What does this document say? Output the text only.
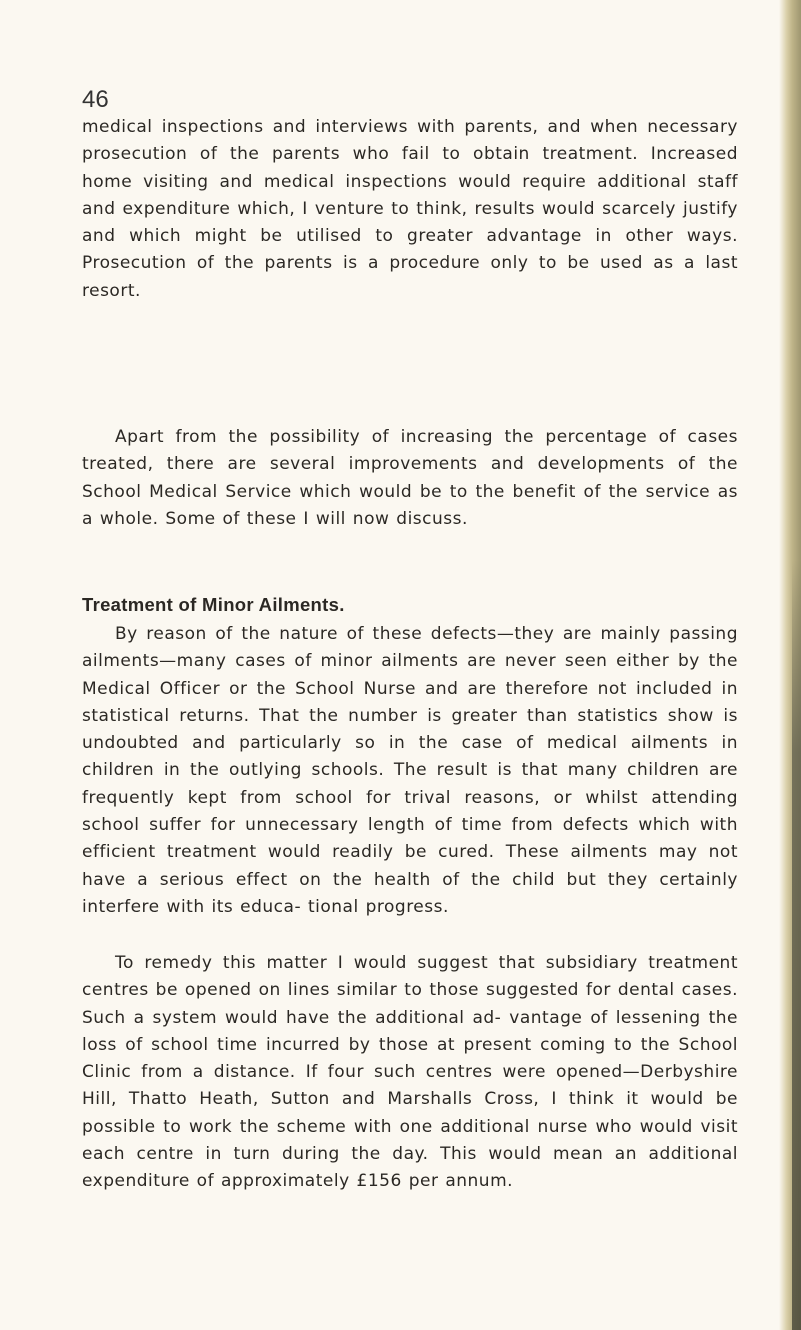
46

medical inspections and interviews with parents, and when necessary prosecution of the parents who fail to obtain treatment. Increased home visiting and medical inspections would require additional staff and expenditure which, I venture to think, results would scarcely justify and which might be utilised to greater advantage in other ways. Prosecution of the parents is a procedure only to be used as a last resort.

Apart from the possibility of increasing the percentage of cases treated, there are several improvements and developments of the School Medical Service which would be to the benefit of the service as a whole. Some of these I will now discuss.

Treatment of Minor Ailments.

By reason of the nature of these defects—they are mainly passing ailments—many cases of minor ailments are never seen either by the Medical Officer or the School Nurse and are therefore not included in statistical returns. That the number is greater than statistics show is undoubted and particularly so in the case of medical ailments in children in the outlying schools. The result is that many children are frequently kept from school for trival reasons, or whilst attending school suffer for unnecessary length of time from defects which with efficient treatment would readily be cured. These ailments may not have a serious effect on the health of the child but they certainly interfere with its educa- tional progress.

To remedy this matter I would suggest that subsidiary treatment centres be opened on lines similar to those suggested for dental cases. Such a system would have the additional ad- vantage of lessening the loss of school time incurred by those at present coming to the School Clinic from a distance. If four such centres were opened—Derbyshire Hill, Thatto Heath, Sutton and Marshalls Cross, I think it would be possible to work the scheme with one additional nurse who would visit each centre in turn during the day. This would mean an additional expenditure of approximately £156 per annum.
